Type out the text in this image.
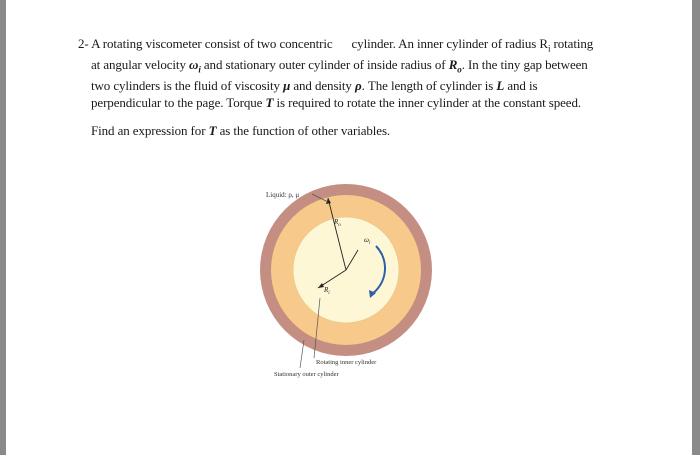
2- A rotating viscometer consist of two concentric cylinder. An inner cylinder of radius $R_i$ rotating
at angular velocity $\omega_i$ and stationary outer cylinder of inside radius of $R_o$. In the tiny gap between
two cylinders is the fluid of viscosity μ and density ρ. The length of cylinder is L and is
perpendicular to the page. Torque T is required to rotate the inner cylinder at the constant speed.

Find an expression for T as the function of other variables.

$R_o$
$R_i$
$\omega_i$
Liquid: ρ, μ
Rotating inner cylinder
Stationary outer cylinder
